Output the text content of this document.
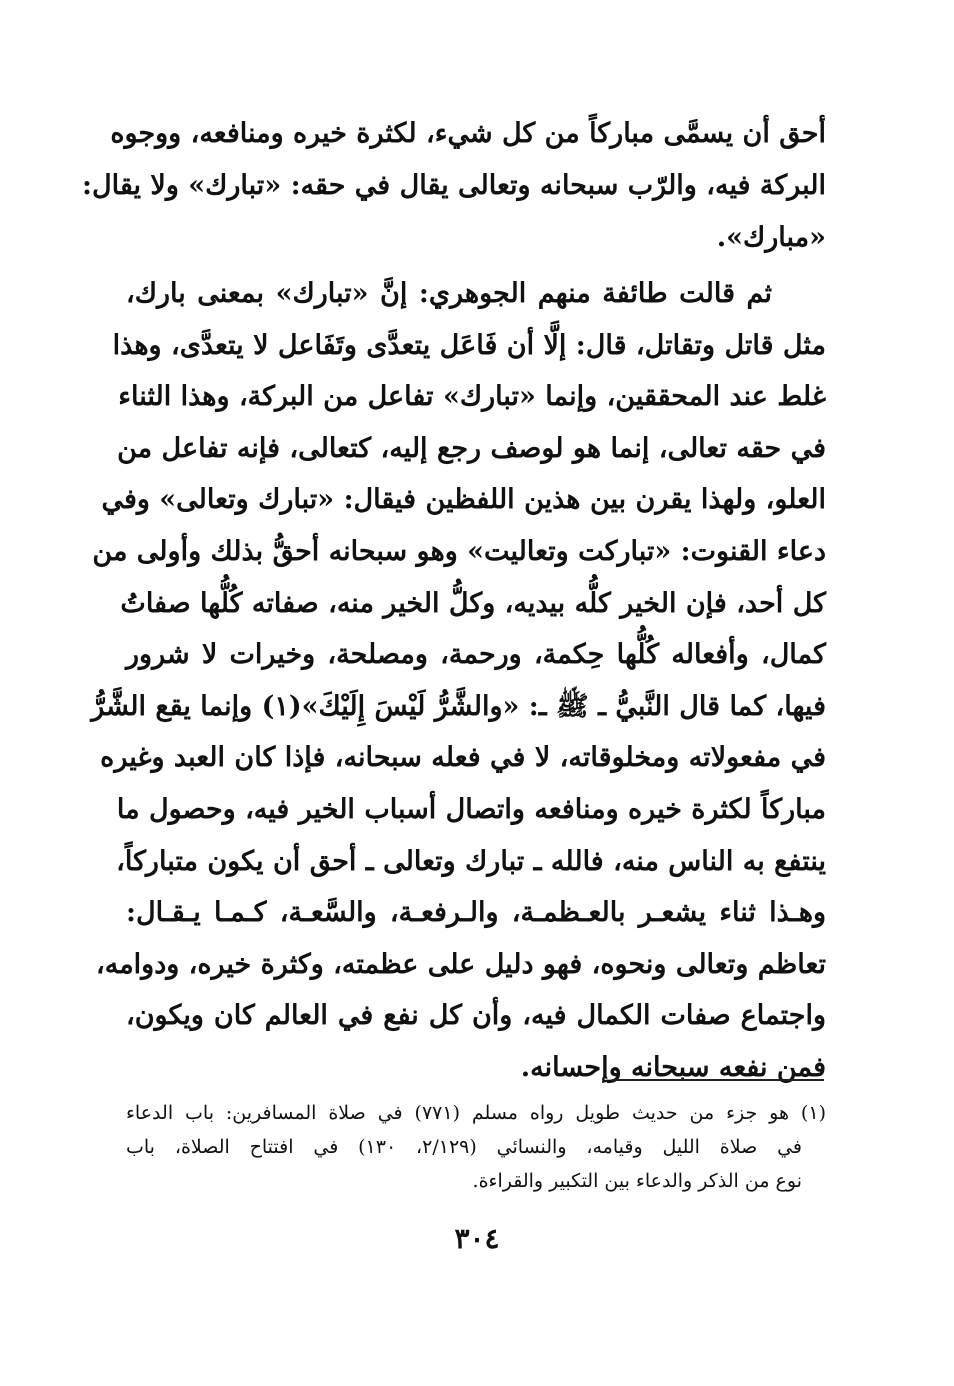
أحق أن يسمَّى مباركاً من كل شيء، لكثرة خيره ومنافعه، ووجوه
البركة فيه، والرّب سبحانه وتعالى يقال في حقه: «تبارك» ولا يقال:
«مبارك».
ثم قالت طائفة منهم الجوهري: إنَّ «تبارك» بمعنى بارك،
مثل قاتل وتقاتل، قال: إلَّا أن فَاعَل يتعدَّى وتَفَاعل لا يتعدَّى، وهذا
غلط عند المحققين، وإنما «تبارك» تفاعل من البركة، وهذا الثناء
في حقه تعالى، إنما هو لوصف رجع إليه، كتعالى، فإنه تفاعل من
العلو، ولهذا يقرن بين هذين اللفظين فيقال: «تبارك وتعالى» وفي
دعاء القنوت: «تباركت وتعاليت» وهو سبحانه أحقُّ بذلك وأولى من
كل أحد، فإن الخير كلُّه بيديه، وكلُّ الخير منه، صفاته كُلُّها صفاتُ
كمال، وأفعاله كُلُّها حِكمة، ورحمة، ومصلحة، وخيرات لا شرور
فيها، كما قال النَّبيُّ ـ ﷺ ـ: «والشَّرُّ لَيْسَ إِلَيْكَ»(١) وإنما يقع الشَّرُّ
في مفعولاته ومخلوقاته، لا في فعله سبحانه، فإذا كان العبد وغيره
مباركاً لكثرة خيره ومنافعه واتصال أسباب الخير فيه، وحصول ما
ينتفع به الناس منه، فالله ـ تبارك وتعالى ـ أحق أن يكون متباركاً،
وهـذا ثناء يشعـر بالعـظمـة، والـرفعـة، والسَّعـة، كـمـا يـقـال:
تعاظم وتعالى ونحوه، فهو دليل على عظمته، وكثرة خيره، ودوامه،
واجتماع صفات الكمال فيه، وأن كل نفع في العالم كان ويكون،
فمن نفعه سبحانه وإحسانه.
(١) هو جزء من حديث طويل رواه مسلم (٧٧١) في صلاة المسافرين: باب الدعاء
في صلاة الليل وقيامه، والنسائي (٢/١٢٩، ١٣٠) في افتتاح الصلاة، باب
نوع من الذكر والدعاء بين التكبير والقراءة.
٣٠٤
